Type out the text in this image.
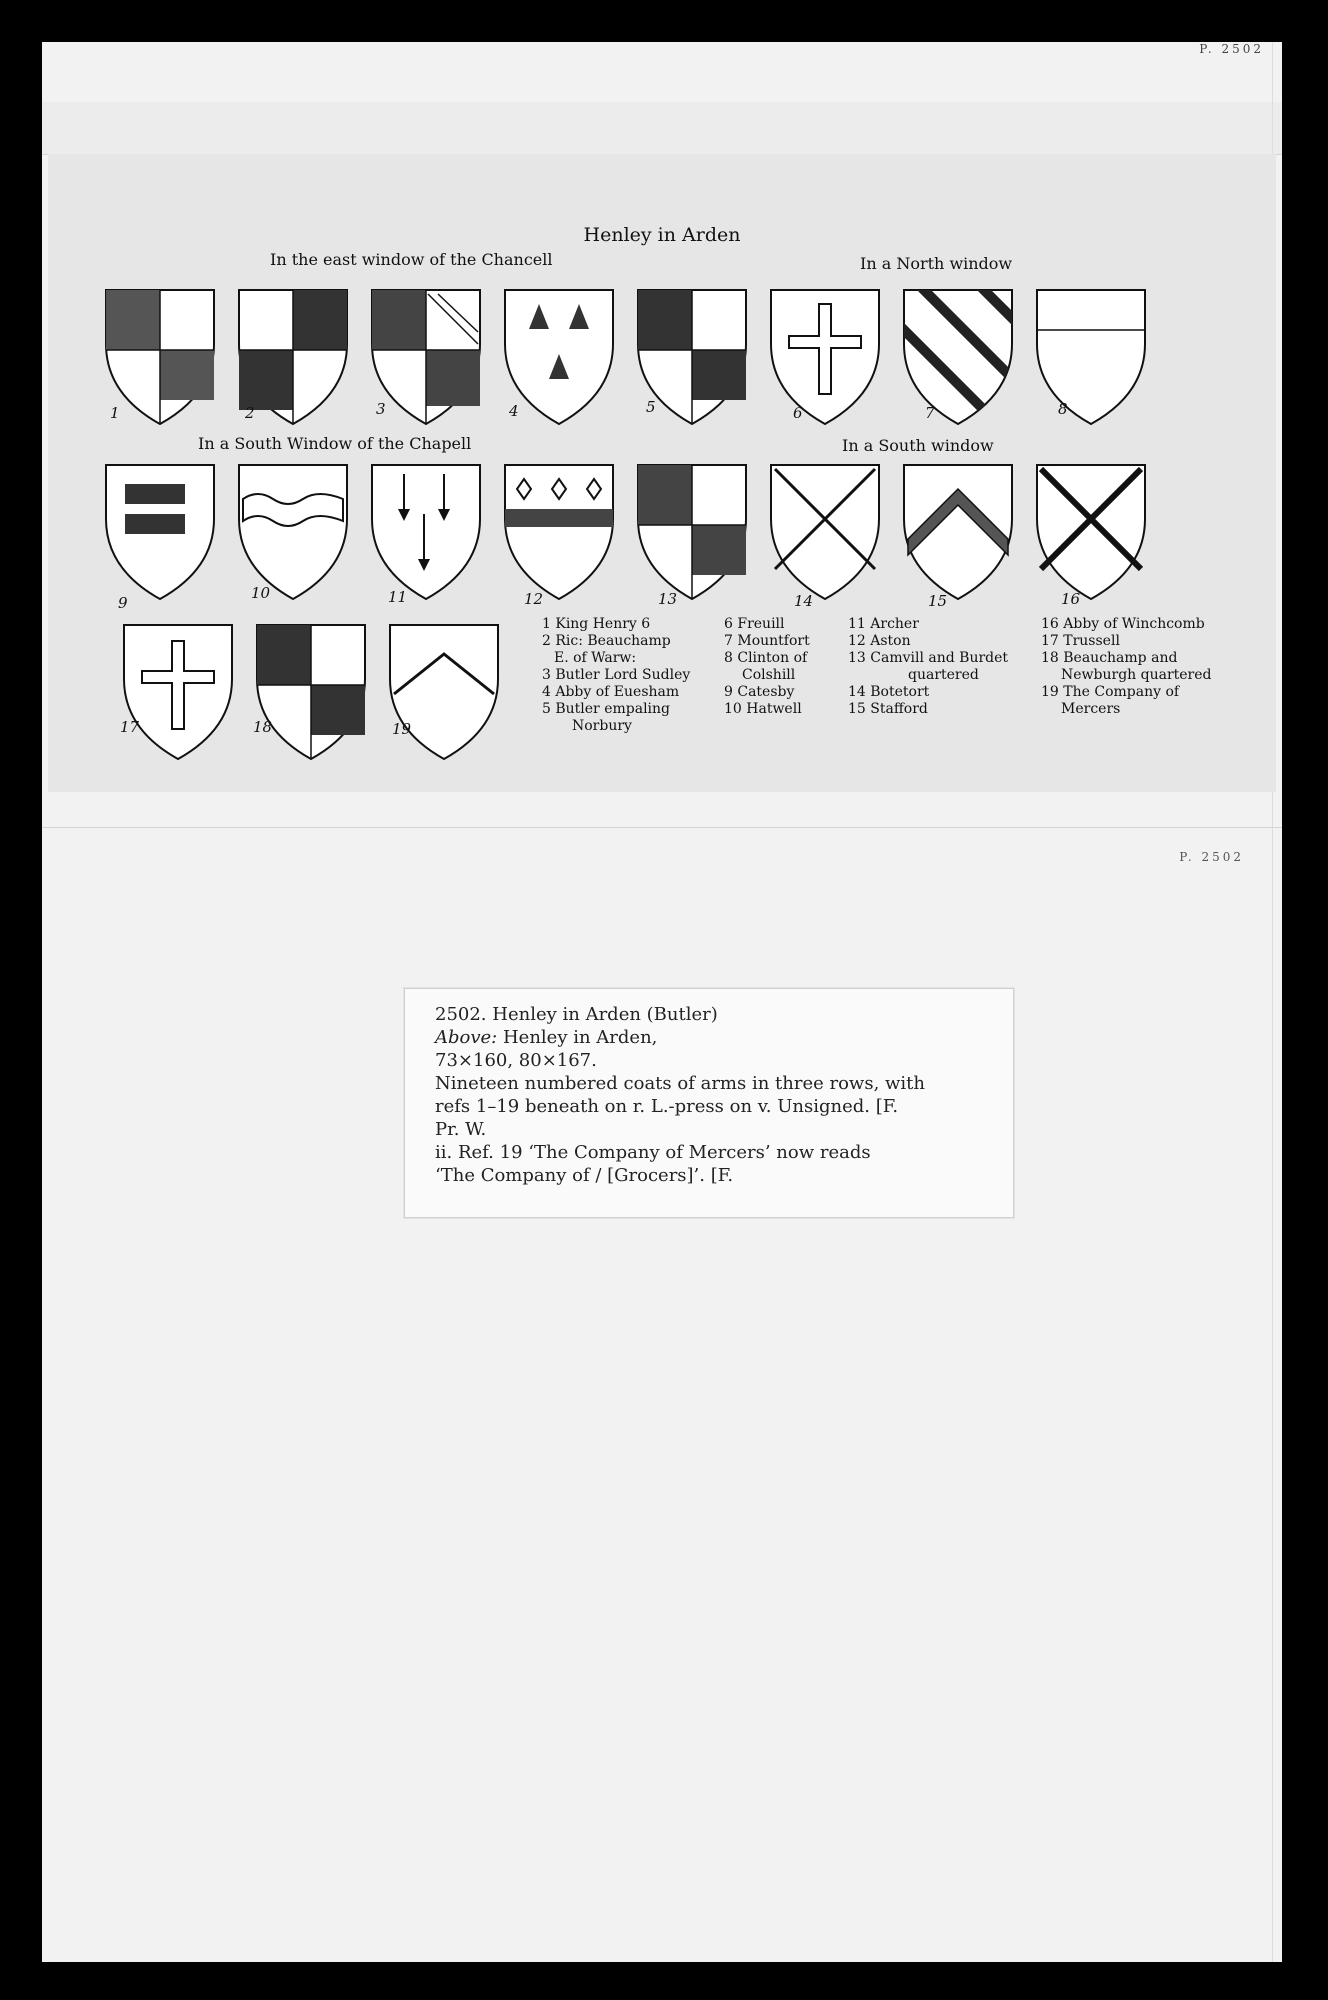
P. 2502
Henley in Arden
In the east window of the Chancell	In a North window
In a South Window of the Chapell	In a South window
1	2	3	4	5	6	7	8
9
10	11	12	13	14	15	16
17	18	19
1 King Henry 6
2 Ric: Beauchamp
E. of Warw:
3 Butler Lord Sudley
4 Abby of Euesham
5 Butler empaling
Norbury
6 Freuill
7 Mountfort
8 Clinton of
Colshill
9 Catesby
10 Hatwell
11 Archer
12 Aston
13 Camvill and Burdet
quartered
14 Botetort
15 Stafford
16 Abby of Winchcomb
17 Trussell
18 Beauchamp and
Newburgh quartered
19 The Company of
Mercers
P. 2502
2502. Henley in Arden (Butler)
Above: Henley in Arden,
73×160, 80×167.
Nineteen numbered coats of arms in three rows, with
refs 1–19 beneath on r. L.-press on v. Unsigned. [F.
Pr. W.
ii. Ref. 19 ‘The Company of Mercers’ now reads
‘The Company of / [Grocers]’. [F.
